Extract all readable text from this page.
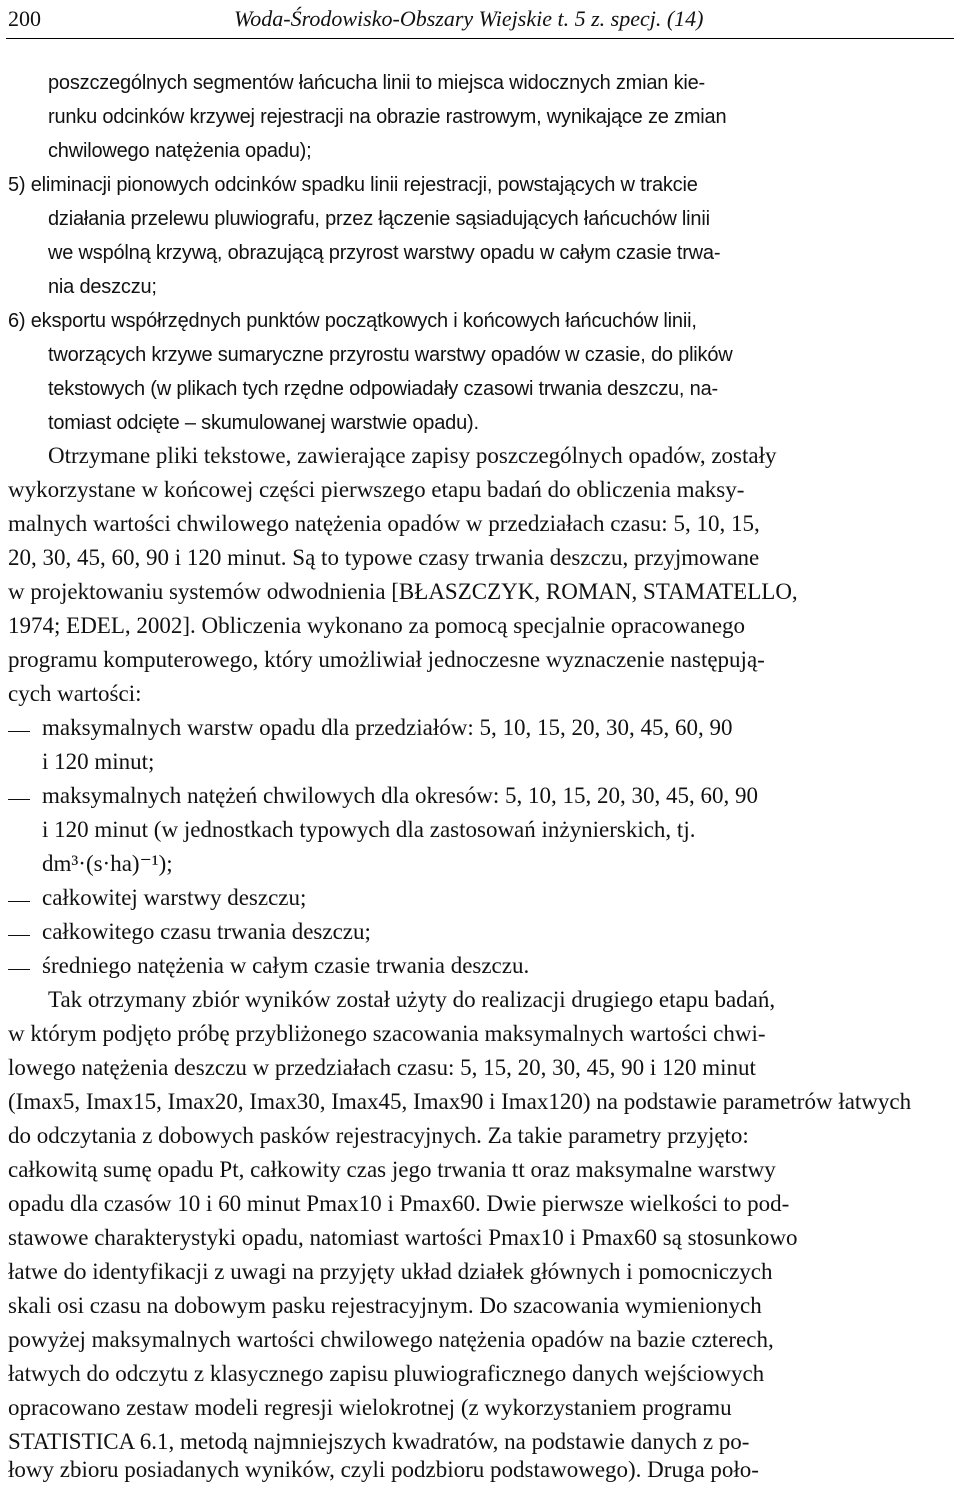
200	Woda-Środowisko-Obszary Wiejskie t. 5 z. specj. (14)
poszczególnych segmentów łańcucha linii to miejsca widocznych zmian kie-
runku odcinków krzywej rejestracji na obrazie rastrowym, wynikające ze zmian
chwilowego natężenia opadu);
5) eliminacji pionowych odcinków spadku linii rejestracji, powstających w trakcie
działania przelewu pluwiografu, przez łączenie sąsiadujących łańcuchów linii
we wspólną krzywą, obrazującą przyrost warstwy opadu w całym czasie trwa-
nia deszczu;
6) eksportu współrzędnych punktów początkowych i końcowych łańcuchów linii,
tworzących krzywe sumaryczne przyrostu warstwy opadów w czasie, do plików
tekstowych (w plikach tych rzędne odpowiadały czasowi trwania deszczu, na-
tomiast odcięte – skumulowanej warstwie opadu).
Otrzymane pliki tekstowe, zawierające zapisy poszczególnych opadów, zostały
wykorzystane w końcowej części pierwszego etapu badań do obliczenia maksy-
malnych wartości chwilowego natężenia opadów w przedziałach czasu: 5, 10, 15,
20, 30, 45, 60, 90 i 120 minut. Są to typowe czasy trwania deszczu, przyjmowane
w projektowaniu systemów odwodnienia [BŁASZCZYK, ROMAN, STAMATELLO,
1974; EDEL, 2002]. Obliczenia wykonano za pomocą specjalnie opracowanego
programu komputerowego, który umożliwiał jednoczesne wyznaczenie następują-
cych wartości:
maksymalnych warstw opadu dla przedziałów: 5, 10, 15, 20, 30, 45, 60, 90
i 120 minut;
maksymalnych natężeń chwilowych dla okresów: 5, 10, 15, 20, 30, 45, 60, 90
i 120 minut (w jednostkach typowych dla zastosowań inżynierskich, tj.
dm³·(s·ha)⁻¹);
całkowitej warstwy deszczu;
całkowitego czasu trwania deszczu;
średniego natężenia w całym czasie trwania deszczu.
Tak otrzymany zbiór wyników został użyty do realizacji drugiego etapu badań,
w którym podjęto próbę przybliżonego szacowania maksymalnych wartości chwi-
lowego natężenia deszczu w przedziałach czasu: 5, 15, 20, 30, 45, 90 i 120 minut
(Imax5, Imax15, Imax20, Imax30, Imax45, Imax90 i Imax120) na podstawie parametrów łatwych
do odczytania z dobowych pasków rejestracyjnych. Za takie parametry przyjęto:
całkowitą sumę opadu Pt, całkowity czas jego trwania tt oraz maksymalne warstwy
opadu dla czasów 10 i 60 minut Pmax10 i Pmax60. Dwie pierwsze wielkości to pod-
stawowe charakterystyki opadu, natomiast wartości Pmax10 i Pmax60 są stosunkowo
łatwe do identyfikacji z uwagi na przyjęty układ działek głównych i pomocniczych
skali osi czasu na dobowym pasku rejestracyjnym. Do szacowania wymienionych
powyżej maksymalnych wartości chwilowego natężenia opadów na bazie czterech,
łatwych do odczytu z klasycznego zapisu pluwiograficznego danych wejściowych
opracowano zestaw modeli regresji wielokrotnej (z wykorzystaniem programu
STATISTICA 6.1, metodą najmniejszych kwadratów, na podstawie danych z po-
łowy zbioru posiadanych wyników, czyli podzbioru podstawowego). Druga poło-
